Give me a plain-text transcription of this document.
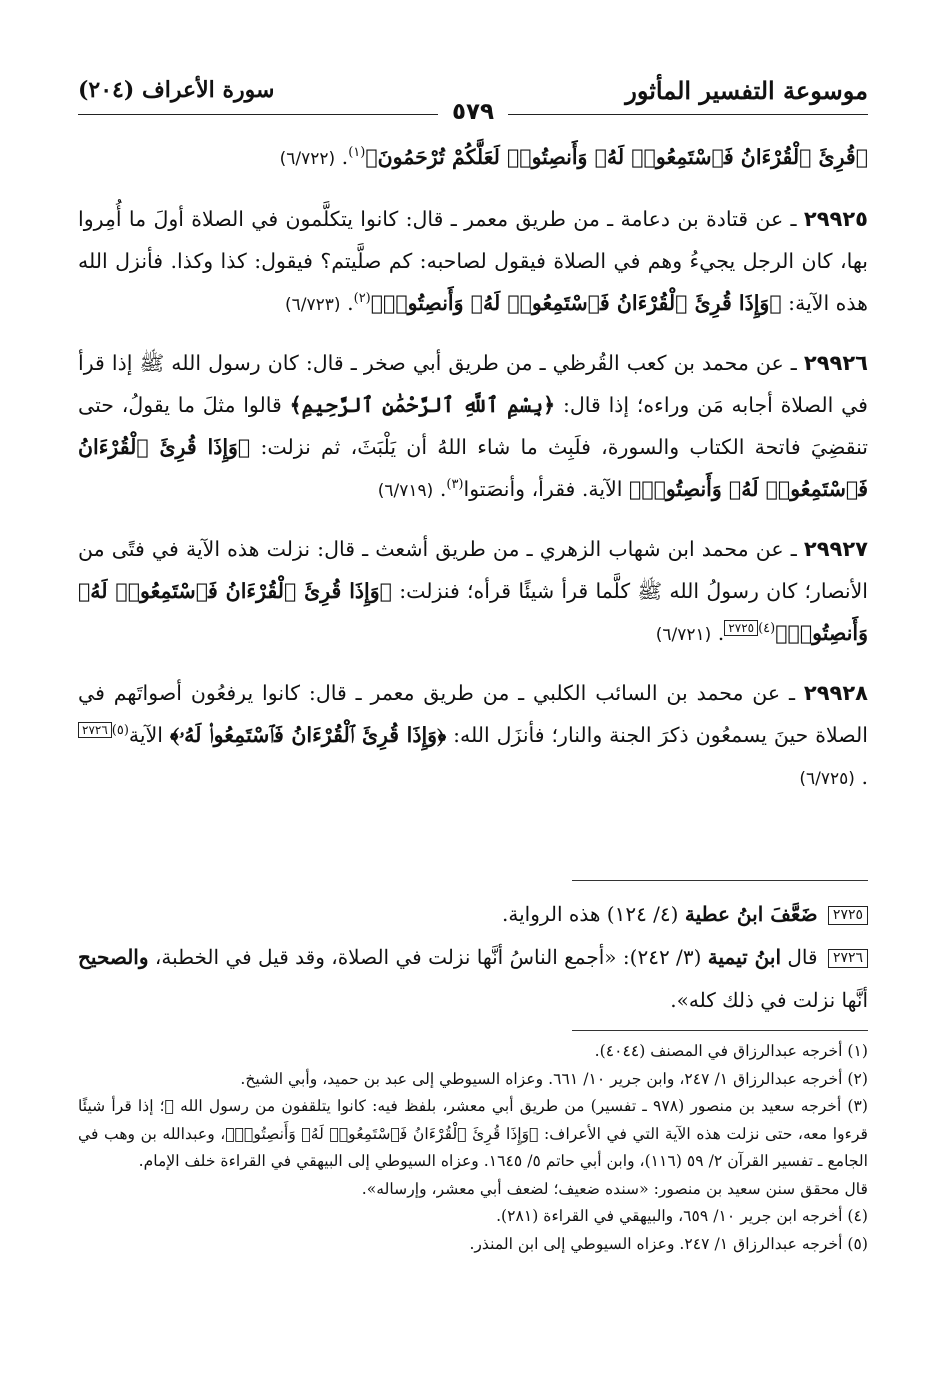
موسوعة التفسير المأثور
سورة الأعراف (٢٠٤)
٥٧٩

﴿قُرِئَ ٱلْقُرْءَانُ فَٱسْتَمِعُوا۟ لَهُۥ وَأَنصِتُوا۟ لَعَلَّكُمْ تُرْحَمُونَ﴾$^{(١)}$. (٦/٧٢٢)

٢٩٩٢٥ ـ عن قتادة بن دعامة ـ من طريق معمر ـ قال: كانوا يتكلَّمون في الصلاة أولَ ما أُمِروا بها، كان الرجل يجيءُ وهم في الصلاة فيقول لصاحبه: كم صلَّيتم؟ فيقول: كذا وكذا. فأنزل الله هذه الآية: ﴿وَإِذَا قُرِئَ ٱلْقُرْءَانُ فَٱسْتَمِعُوا۟ لَهُۥ وَأَنصِتُوا۟﴾$^{(٢)}$. (٦/٧٢٣)

٢٩٩٢٦ ـ عن محمد بن كعب القُرظي ـ من طريق أبي صخر ـ قال: كان رسول الله ﷺ إذا قرأ في الصلاة أجابه مَن وراءه؛ إذا قال: ﴿بِسْمِ ٱللَّهِ ٱلرَّحْمَٰنِ ٱلرَّحِيمِ﴾ قالوا مثلَ ما يقولُ، حتى تنقضِيَ فاتحة الكتاب والسورة، فلَبِث ما شاء اللهُ أن يَلْبَثَ، ثم نزلت: ﴿وَإِذَا قُرِئَ ٱلْقُرْءَانُ فَٱسْتَمِعُوا۟ لَهُۥ وَأَنصِتُوا۟﴾ الآية. فقرأ، وأنصَتوا$^{(٣)}$. (٦/٧١٩)

٢٩٩٢٧ ـ عن محمد ابن شهاب الزهري ـ من طريق أشعث ـ قال: نزلت هذه الآية في فتًى من الأنصار؛ كان رسولُ الله ﷺ كلَّما قرأ شيئًا قرأه؛ فنزلت: ﴿وَإِذَا قُرِئَ ٱلْقُرْءَانُ فَٱسْتَمِعُوا۟ لَهُۥ وَأَنصِتُوا۟﴾$^{(٤)}$٢٧٢٥. (٦/٧٢١)

٢٩٩٢٨ ـ عن محمد بن السائب الكلبي ـ من طريق معمر ـ قال: كانوا يرفعُون أصواتَهم في الصلاة حينَ يسمعُون ذكرَ الجنة والنار؛ فأنزَل الله: ﴿وَإِذَا قُرِئَ ٱلْقُرْءَانُ فَٱسْتَمِعُوا۟ لَهُۥ﴾ الآية$^{(٥)}$٢٧٢٦. (٦/٧٢٥)

٢٧٢٥ ضَعَّفَ ابنُ عطية (٤/ ١٢٤) هذه الرواية.

٢٧٢٦ قال ابنُ تيمية (٣/ ٢٤٢): «أجمع الناسُ أنَّها نزلت في الصلاة، وقد قيل في الخطبة، والصحيح أنَّها نزلت في ذلك كله».

(١) أخرجه عبدالرزاق في المصنف (٤٠٤٤).

(٢) أخرجه عبدالرزاق ١/ ٢٤٧، وابن جرير ١٠/ ٦٦١. وعزاه السيوطي إلى عبد بن حميد، وأبي الشيخ.

(٣) أخرجه سعيد بن منصور (٩٧٨ ـ تفسير) من طريق أبي معشر، بلفظ فيه: كانوا يتلقفون من رسول الله ﷺ؛ إذا قرأ شيئًا قرءوا معه، حتى نزلت هذه الآية التي في الأعراف: ﴿وَإِذَا قُرِئَ ٱلْقُرْءَانُ فَٱسْتَمِعُوا۟ لَهُۥ وَأَنصِتُوا۟﴾، وعبدالله بن وهب في الجامع ـ تفسير القرآن ٢/ ٥٩ (١١٦)، وابن أبي حاتم ٥/ ١٦٤٥. وعزاه السيوطي إلى البيهقي في القراءة خلف الإمام.

قال محقق سنن سعيد بن منصور: «سنده ضعيف؛ لضعف أبي معشر، وإرساله».

(٤) أخرجه ابن جرير ١٠/ ٦٥٩، والبيهقي في القراءة (٢٨١).

(٥) أخرجه عبدالرزاق ١/ ٢٤٧. وعزاه السيوطي إلى ابن المنذر.
